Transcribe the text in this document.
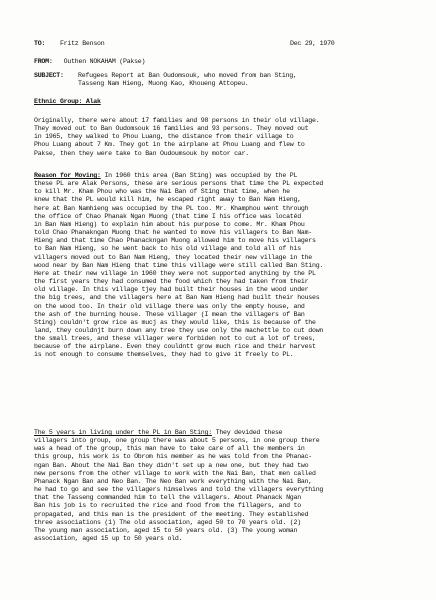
TO: Fritz Benson	Dec 29, 1970
FROM: Outhen NOKAHAM (Pakse)
SUBJECT: Refugees Report at Ban Oudomsouk, who moved from ban Sting,
Tasseng Nam Hieng, Muong Kao, Khoueng Attopeu.
Ethnic Group: Alak
Originally, there were about 17 families and 98 persons in their old village.
They moved out to Ban Oudomsouk 16 families and 93 persons. They moved out
in 1965, they walked to Phou Luang, the distance from their village to
Phou Luang about 7 Km. They got in the airplane at Phou Luang and flew to
Pakse, then they were take to Ban Oudoumsouk by motor car.
Reason for Moving: In 1960 this area (Ban Sting) was occupied by the PL
these PL are Alak Persons, these are serious persons that time the PL expected
to kill Mr. Kham Phou who was the Nai Ban of Sting that time, when he
knew that the PL would kill him, he escaped right away to Ban Nam Hieng,
here at Ban Namhieng was occupied by the PL too. Mr. Khamphou went through
the office of Chao Phanak Ngan Muong (that time I his office was locatéd
in Ban Nam Hieng) to explain him about his purpose to come. Mr. Kham Phou
told Chao Phanakngan Muong that he wanted to move his villagers to Ban Nam-
Hieng and that time Chao Phanackngan Muong allowed him to move his villagers
to Ban Nam Hieng, so he went back to his old village and told all of his
villagers moved out to Ban Nam Hieng, they located their new village in the
wood near by Ban Nam Hieng that time this village were still called Ban Sting.
Here at their new village in 1960 they were not supported anything by the PL
the first years they had consumed the food which they had taken from their
old village. In this village tjey had built their houses in the wood under
the big trees, and the villagers here at Ban Nam Hieng had built their houses
on the wood too. In their old village there was only the empty house, and
the ash of the burning house. These villager (I mean the villagers of Ban
Sting) couldn't grow rice as mucj as they would like, this is because of the
land, they couldnjt burn down any tree they use only the machettle to cut down
the small trees, and these villager were forbiden not to cut a lot of trees,
because of the airplane. Even they couldntt grow much rice and their harvest
is not enough to consume themselves, they had to give it freely to PL.
The 5 years in living under the PL in Ban Sting: They devided these
villagers into group, one group there was about 5 persons, in one group there
was a head of the group, this man have to take care of all the members in
this group, his work is to Obrom his member as he was told from the Phanac-
ngan Ban. About the Nai Ban they didn't set up a new one, but they had two
new persons from the other village to work with the Nai Ban, that men called
Phanack Ngan Ban and Neo Ban. The Neo Ban work everything with the Nai Ban,
he had to go and see the villagers himselves and told the villagers everything
that the Tasseng commanded him to tell the villagers. About Phanack Ngan
Ban his job is to recruited the rice and food from the fillagers, and to
propagated, and this man is the president of the meeting. They established
three associations (1) The old association, aged 50 to 70 years old. (2)
The young man association, aged 15 to 50 years old. (3) The young woman
association, aged 15 up to 50 years old.
